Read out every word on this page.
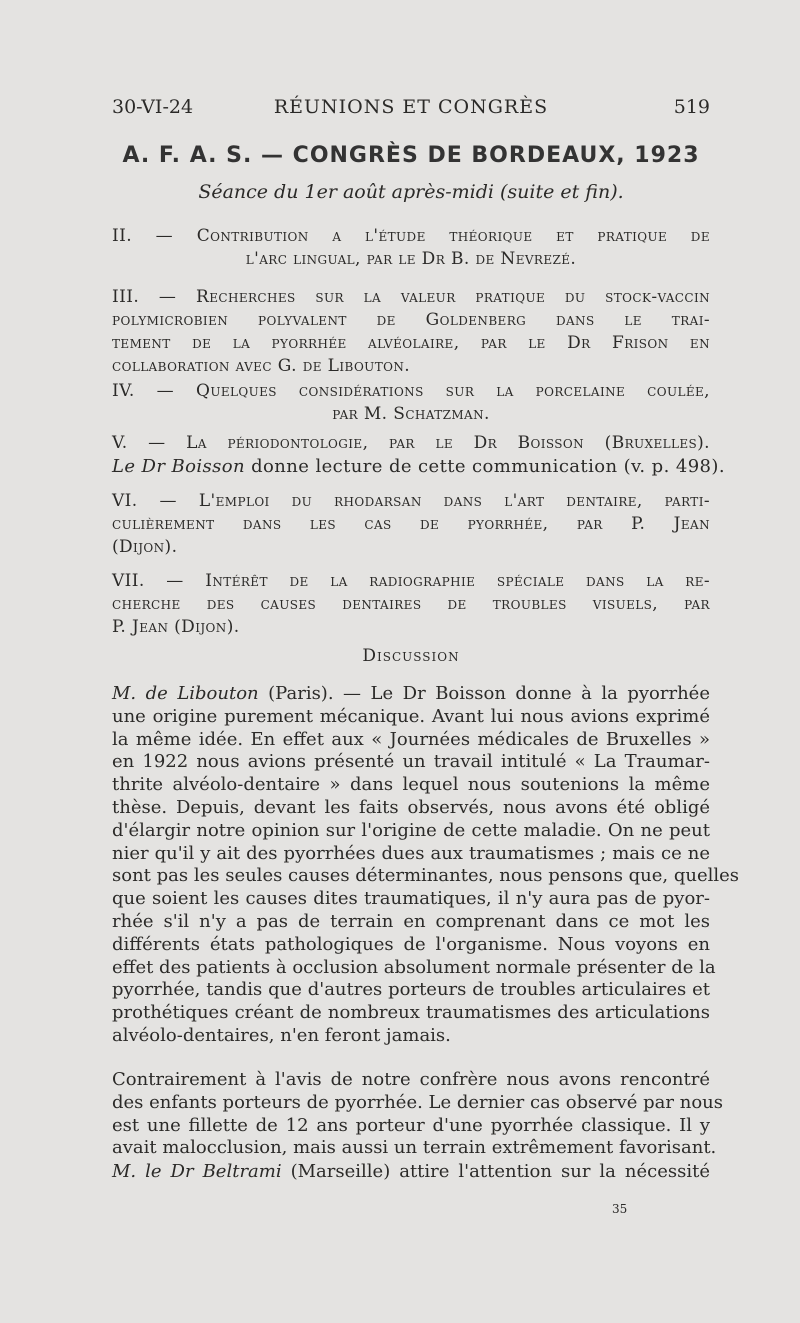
30-VI-24	RÉUNIONS ET CONGRÈS	519
A. F. A. S. — CONGRÈS DE BORDEAUX, 1923
Séance du 1er août après-midi (suite et fin).
II. — Contribution a l'étude théorique et pratique de
l'arc lingual, par le Dr B. de Nevrezé.
III. — Recherches sur la valeur pratique du stock-vaccin
polymicrobien polyvalent de Goldenberg dans le trai-
tement de la pyorrhée alvéolaire, par le Dr Frison en
collaboration avec G. de Libouton.
IV. — Quelques considérations sur la porcelaine coulée,
par M. Schatzman.
V. — La périodontologie, par le Dr Boisson (Bruxelles).
Le Dr Boisson donne lecture de cette communication (v. p. 498).
VI. — L'emploi du rhodarsan dans l'art dentaire, parti-
culièrement dans les cas de pyorrhée, par P. Jean
(Dijon).
VII. — Intérêt de la radiographie spéciale dans la re-
cherche des causes dentaires de troubles visuels, par
P. Jean (Dijon).
Discussion
M. de Libouton (Paris). — Le Dr Boisson donne à la pyorrhée
une origine purement mécanique. Avant lui nous avions exprimé
la même idée. En effet aux « Journées médicales de Bruxelles »
en 1922 nous avions présenté un travail intitulé « La Traumar-
thrite alvéolo-dentaire » dans lequel nous soutenions la même
thèse. Depuis, devant les faits observés, nous avons été obligé
d'élargir notre opinion sur l'origine de cette maladie. On ne peut
nier qu'il y ait des pyorrhées dues aux traumatismes ; mais ce ne
sont pas les seules causes déterminantes, nous pensons que, quelles
que soient les causes dites traumatiques, il n'y aura pas de pyor-
rhée s'il n'y a pas de terrain en comprenant dans ce mot les
différents états pathologiques de l'organisme. Nous voyons en
effet des patients à occlusion absolument normale présenter de la
pyorrhée, tandis que d'autres porteurs de troubles articulaires et
prothétiques créant de nombreux traumatismes des articulations
alvéolo-dentaires, n'en feront jamais.
Contrairement à l'avis de notre confrère nous avons rencontré
des enfants porteurs de pyorrhée. Le dernier cas observé par nous
est une fillette de 12 ans porteur d'une pyorrhée classique. Il y
avait malocclusion, mais aussi un terrain extrêmement favorisant.
M. le Dr Beltrami (Marseille) attire l'attention sur la nécessité
35
